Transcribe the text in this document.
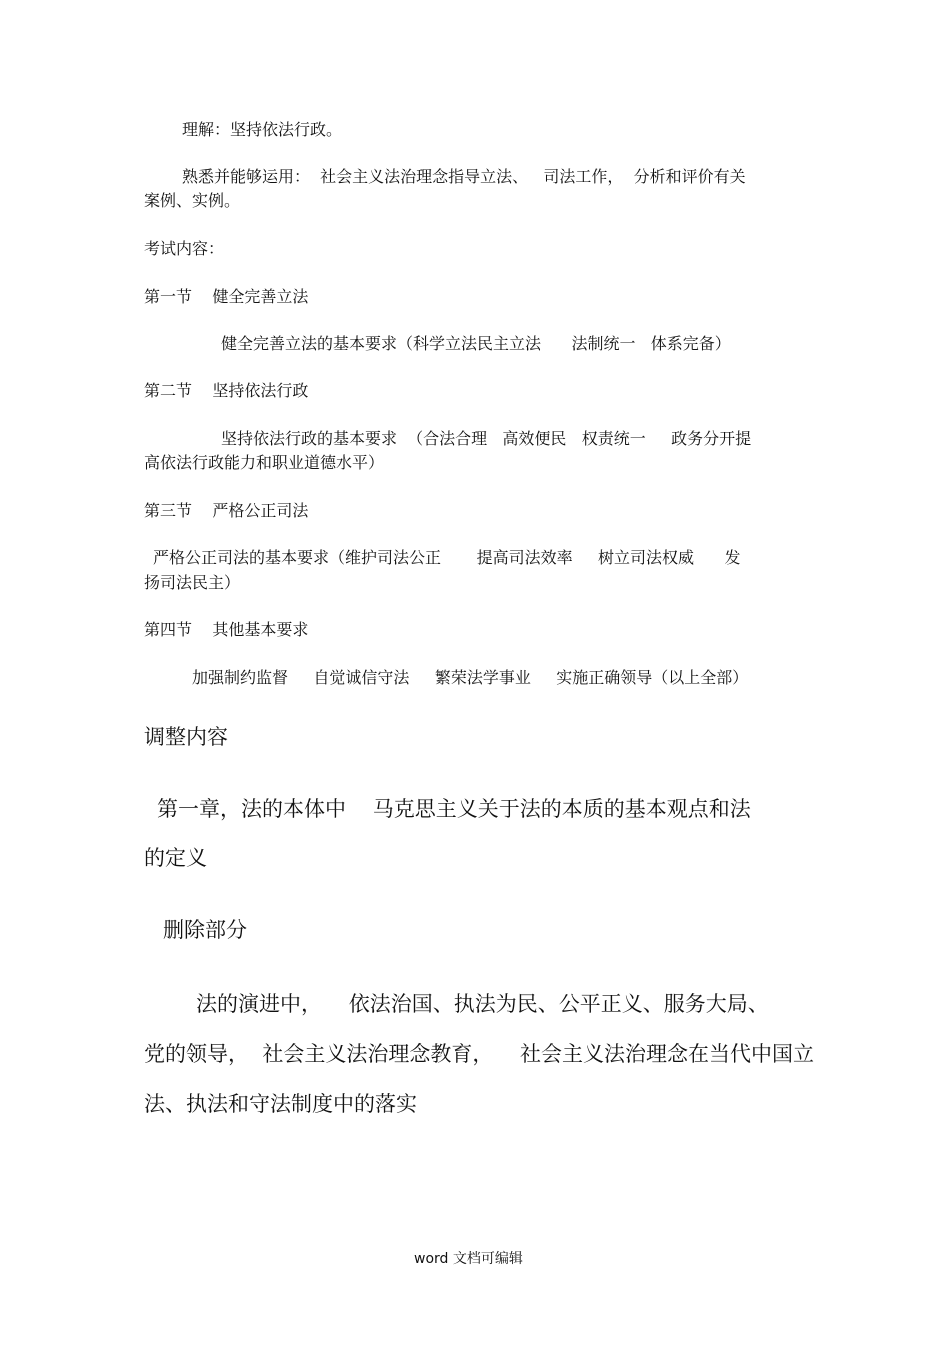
理解：坚持依法行政。
熟悉并能够运用：  社会主义法治理念指导立法、   司法工作，  分析和评价有关
案例、实例。
考试内容：
第一节    健全完善立法
健全完善立法的基本要求（科学立法民主立法      法制统一   体系完备）
第二节    坚持依法行政
坚持依法行政的基本要求  （合法合理   高效便民   权责统一     政务分开提
高依法行政能力和职业道德水平）
第三节    严格公正司法
严格公正司法的基本要求（维护司法公正       提高司法效率     树立司法权威      发
扬司法民主）
第四节    其他基本要求
加强制约监督     自觉诚信守法     繁荣法学事业     实施正确领导（以上全部）
调整内容
第一章，法的本体中    马克思主义关于法的本质的基本观点和法
的定义
删除部分
法的演进中，    依法治国、执法为民、公平正义、服务大局、
党的领导，  社会主义法治理念教育，    社会主义法治理念在当代中国立
法、执法和守法制度中的落实
word 文档可编辑
